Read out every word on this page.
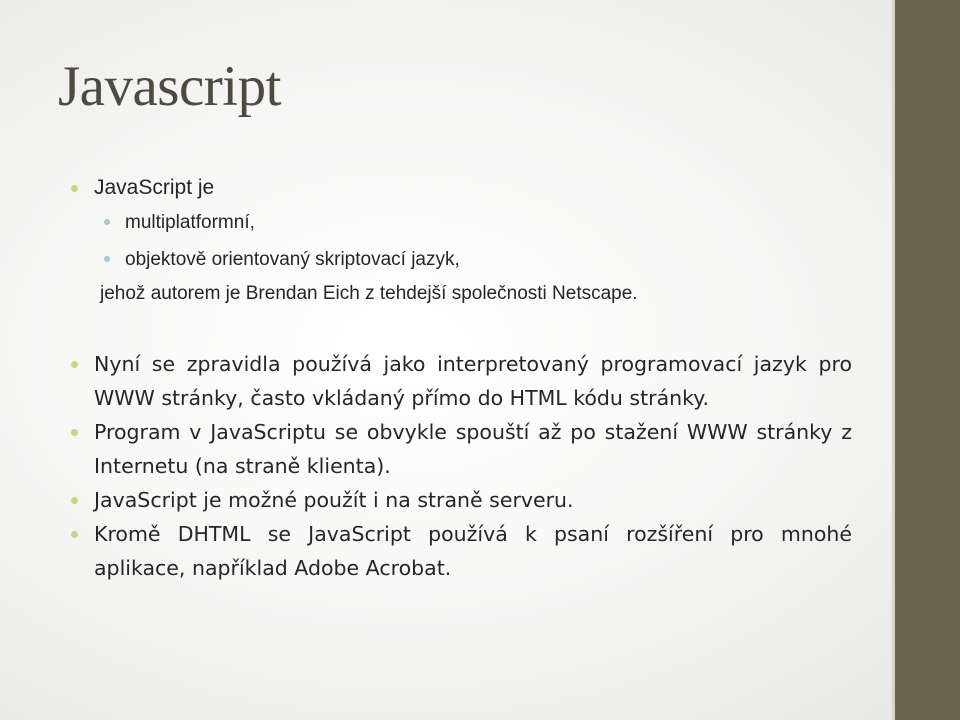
Javascript
JavaScript je
multiplatformní,
objektově orientovaný skriptovací jazyk,
jehož autorem je Brendan Eich z tehdejší společnosti Netscape.
Nyní se zpravidla používá jako interpretovaný programovací jazyk pro WWW stránky, často vkládaný přímo do HTML kódu stránky.
Program v JavaScriptu se obvykle spouští až po stažení WWW stránky z Internetu (na straně klienta).
JavaScript je možné použít i na straně serveru.
Kromě DHTML se JavaScript používá k psaní rozšíření pro mnohé aplikace, například Adobe Acrobat.
